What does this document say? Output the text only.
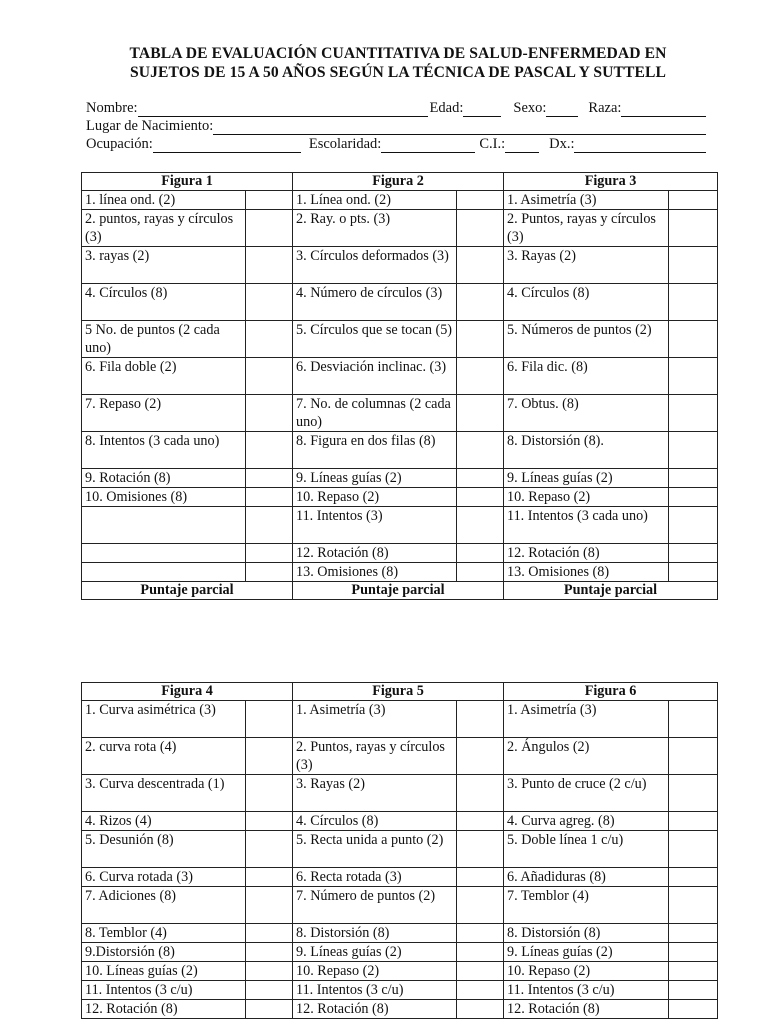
TABLA DE EVALUACIÓN CUANTITATIVA DE SALUD-ENFERMEDAD EN
SUJETOS DE 15 A 50 AÑOS SEGÚN LA TÉCNICA DE PASCAL Y SUTTELL
Nombre:	Edad:	Sexo:	Raza:
Lugar de Nacimiento:
Ocupación:	Escolaridad:	C.I.:	Dx.:
Figura 1		Figura 2		Figura 3	
1. línea ond. (2)		1. Línea ond. (2)		1. Asimetría (3)	
2. puntos, rayas y círculos (3)		2. Ray. o pts. (3)		2. Puntos, rayas y círculos (3)	
3. rayas (2)		3. Círculos deformados (3)		3. Rayas (2)	
4. Círculos (8)		4. Número de círculos (3)		4. Círculos (8)	
5 No. de puntos (2 cada uno)		5. Círculos que se tocan (5)		5. Números de puntos (2)	
6. Fila doble (2)		6. Desviación inclinac. (3)		6. Fila dic. (8)	
7. Repaso (2)		7. No. de columnas (2 cada uno)		7. Obtus. (8)	
8. Intentos (3 cada uno)		8. Figura en dos filas (8)		8. Distorsión (8).	
9. Rotación (8)		9. Líneas guías (2)		9. Líneas guías (2)	
10. Omisiones (8)		10. Repaso (2)		10. Repaso (2)	
		11. Intentos (3)		11. Intentos (3 cada uno)	
		12. Rotación (8)		12. Rotación (8)	
		13. Omisiones (8)		13. Omisiones (8)	
Puntaje parcial		Puntaje parcial		Puntaje parcial	
Figura 4		Figura 5		Figura 6	
1. Curva asimétrica (3)		1. Asimetría (3)		1. Asimetría (3)	
2. curva rota (4)		2. Puntos, rayas y círculos (3)		2. Ángulos (2)	
3. Curva descentrada (1)		3. Rayas (2)		3. Punto de cruce (2 c/u)	
4. Rizos (4)		4. Círculos (8)		4. Curva agreg. (8)	
5. Desunión (8)		5. Recta unida a punto (2)		5. Doble línea 1 c/u)	
6. Curva rotada (3)		6. Recta rotada (3)		6. Añadiduras (8)	
7. Adiciones (8)		7. Número de puntos (2)		7. Temblor (4)	
8. Temblor (4)		8. Distorsión (8)		8. Distorsión (8)	
9.Distorsión (8)		9. Líneas guías (2)		9. Líneas guías (2)	
10. Líneas guías (2)		10. Repaso (2)		10. Repaso (2)	
11. Intentos (3 c/u)		11. Intentos (3 c/u)		11. Intentos (3 c/u)	
12. Rotación (8)		12. Rotación (8)		12. Rotación (8)	
